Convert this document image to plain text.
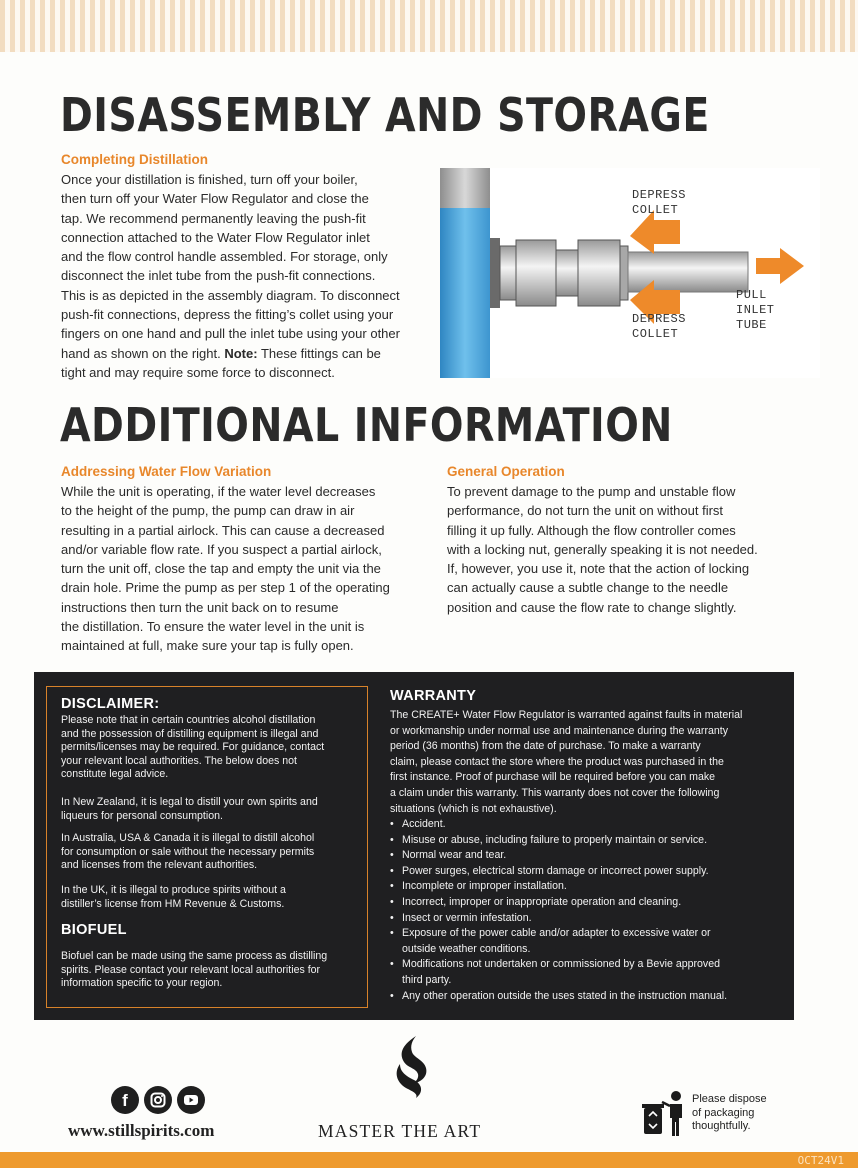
DISASSEMBLY AND STORAGE
Completing Distillation
Once your distillation is finished, turn off your boiler,
then turn off your Water Flow Regulator and close the
tap. We recommend permanently leaving the push-fit
connection attached to the Water Flow Regulator inlet
and the flow control handle assembled. For storage, only
disconnect the inlet tube from the push-fit connections.
This is as depicted in the assembly diagram. To disconnect
push-fit connections, depress the fitting’s collet using your
fingers on one hand and pull the inlet tube using your other
hand as shown on the right. Note: These fittings can be
tight and may require some force to disconnect.
DEPRESS
COLLET
DEPRESS
COLLET
PULL
INLET
TUBE
ADDITIONAL INFORMATION
Addressing Water Flow Variation
While the unit is operating, if the water level decreases
to the height of the pump, the pump can draw in air
resulting in a partial airlock. This can cause a decreased
and/or variable flow rate. If you suspect a partial airlock,
turn the unit off, close the tap and empty the unit via the
drain hole. Prime the pump as per step 1 of the operating
instructions then turn the unit back on to resume
the distillation. To ensure the water level in the unit is
maintained at full, make sure your tap is fully open.
General Operation
To prevent damage to the pump and unstable flow
performance, do not turn the unit on without first
filling it up fully. Although the flow controller comes
with a locking nut, generally speaking it is not needed.
If, however, you use it, note that the action of locking
can actually cause a subtle change to the needle
position and cause the flow rate to change slightly.
DISCLAIMER:
Please note that in certain countries alcohol distillation
and the possession of distilling equipment is illegal and
permits/licenses may be required. For guidance, contact
your relevant local authorities. The below does not
constitute legal advice.
In New Zealand, it is legal to distill your own spirits and
liqueurs for personal consumption.
In Australia, USA & Canada it is illegal to distill alcohol
for consumption or sale without the necessary permits
and licenses from the relevant authorities.
In the UK, it is illegal to produce spirits without a
distiller’s license from HM Revenue & Customs.
BIOFUEL
Biofuel can be made using the same process as distilling
spirits. Please contact your relevant local authorities for
information specific to your region.
WARRANTY
The CREATE+ Water Flow Regulator is warranted against faults in material
or workmanship under normal use and maintenance during the warranty
period (36 months) from the date of purchase. To make a warranty
claim, please contact the store where the product was purchased in the
first instance. Proof of purchase will be required before you can make
a claim under this warranty. This warranty does not cover the following
situations (which is not exhaustive).
• Accident.
• Misuse or abuse, including failure to properly maintain or service.
• Normal wear and tear.
• Power surges, electrical storm damage or incorrect power supply.
• Incomplete or improper installation.
• Incorrect, improper or inappropriate operation and cleaning.
• Insect or vermin infestation.
• Exposure of the power cable and/or adapter to excessive water or
outside weather conditions.
• Modifications not undertaken or commissioned by a Bevie approved
third party.
• Any other operation outside the uses stated in the instruction manual.
f
www.stillspirits.com	MASTER THE ART
Please dispose
of packaging
thoughtfully.
OCT24V1
